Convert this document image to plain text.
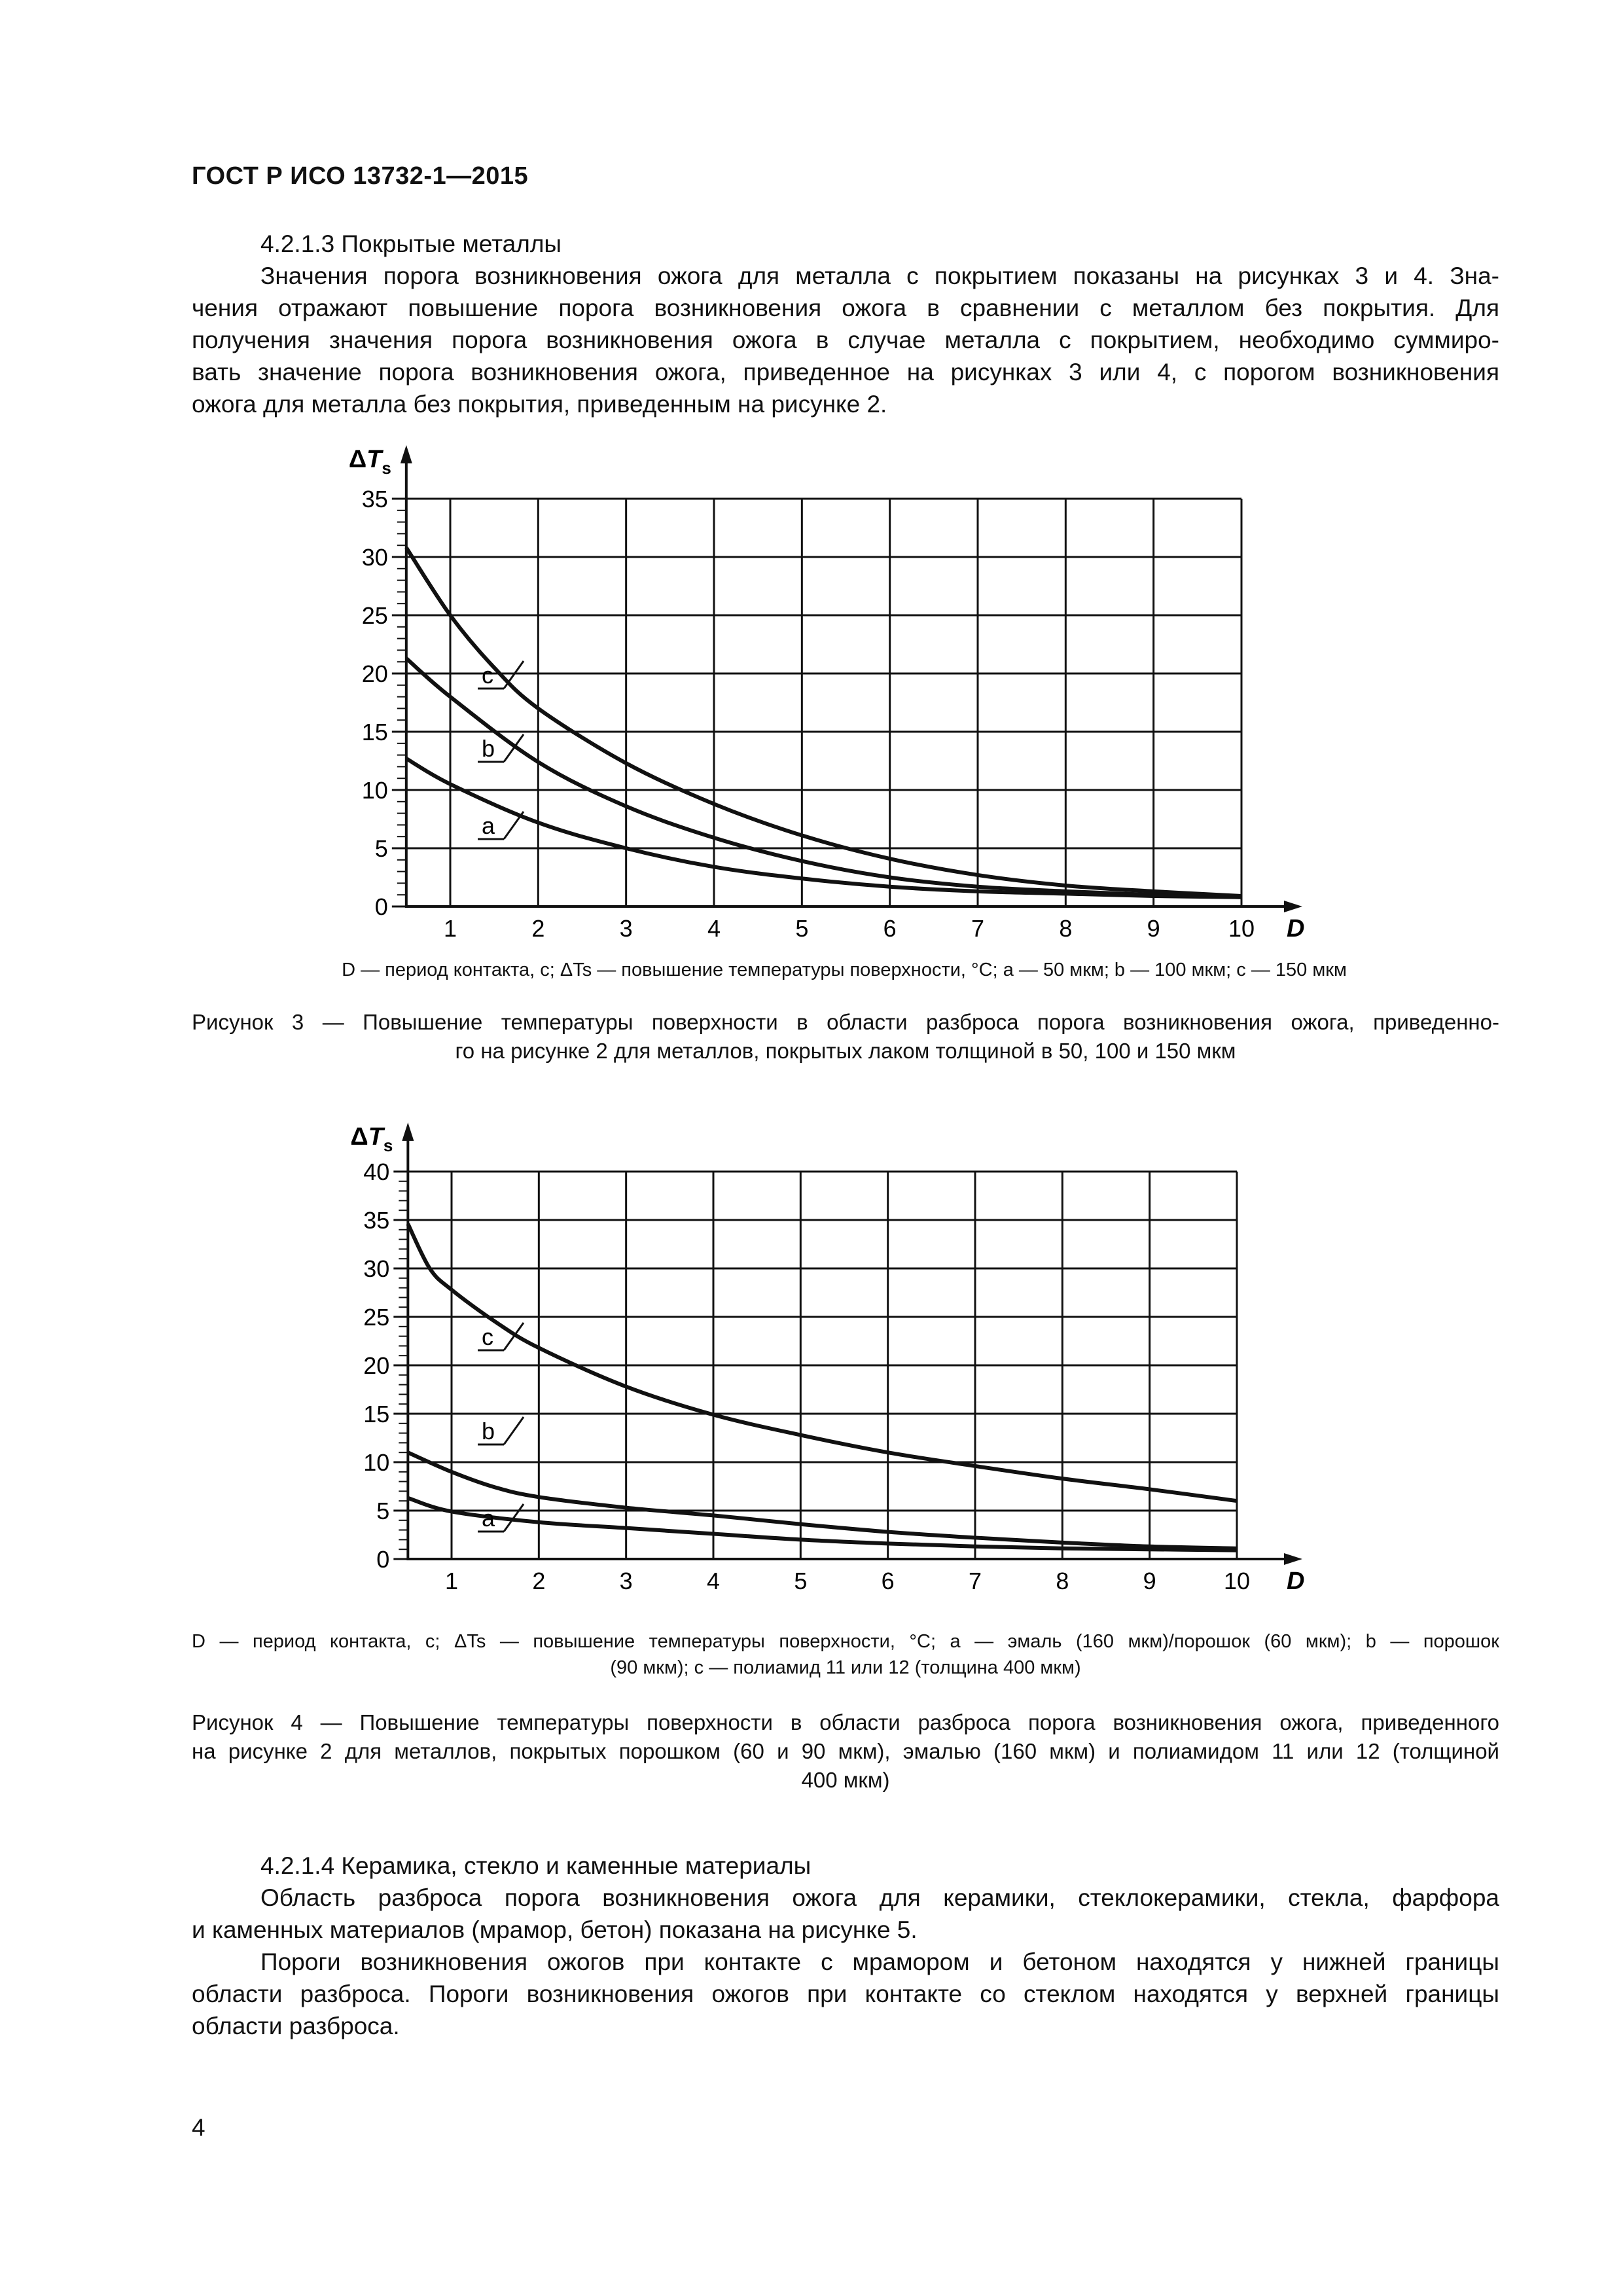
ГОСТ Р ИСО 13732-1—2015
4.2.1.3 Покрытые металлы
Значения порога возникновения ожога для металла с покрытием показаны на рисунках 3 и 4. Зна-
чения отражают повышение порога возникновения ожога в сравнении с металлом без покрытия. Для
получения значения порога возникновения ожога в случае металла с покрытием, необходимо суммиро-
вать значение порога возникновения ожога, приведенное на рисунках 3 или 4, с порогом возникновения
ожога для металла без покрытия, приведенным на рисунке 2.
0
5
10
15
20
25
30
35
1	2	3	4	5	6	7	8	9	10 D
$\Delta T_s$
a
b
c
D — период контакта, с; ΔTs — повышение температуры поверхности, °С; а — 50 мкм; b — 100 мкм; с — 150 мкм
Рисунок 3 — Повышение температуры поверхности в области разброса порога возникновения ожога, приведенно-
го на рисунке 2 для металлов, покрытых лаком толщиной в 50, 100 и 150 мкм
0
5
10
15
20
25
30
35
40
1	2	3	4	5	6	7	8	9	10 D
$\Delta T_s$
a
b
c
D — период контакта, с; ΔTs — повышение температуры поверхности, °С; а — эмаль (160 мкм)/порошок (60 мкм); b — порошок
(90 мкм); с — полиамид 11 или 12 (толщина 400 мкм)
Рисунок 4 — Повышение температуры поверхности в области разброса порога возникновения ожога, приведенного
на рисунке 2 для металлов, покрытых порошком (60 и 90 мкм), эмалью (160 мкм) и полиамидом 11 или 12 (толщиной
400 мкм)
4.2.1.4 Керамика, стекло и каменные материалы
Область разброса порога возникновения ожога для керамики, стеклокерамики, стекла, фарфора
и каменных материалов (мрамор, бетон) показана на рисунке 5.
Пороги возникновения ожогов при контакте с мрамором и бетоном находятся у нижней границы
области разброса. Пороги возникновения ожогов при контакте со стеклом находятся у верхней границы
области разброса.
4
